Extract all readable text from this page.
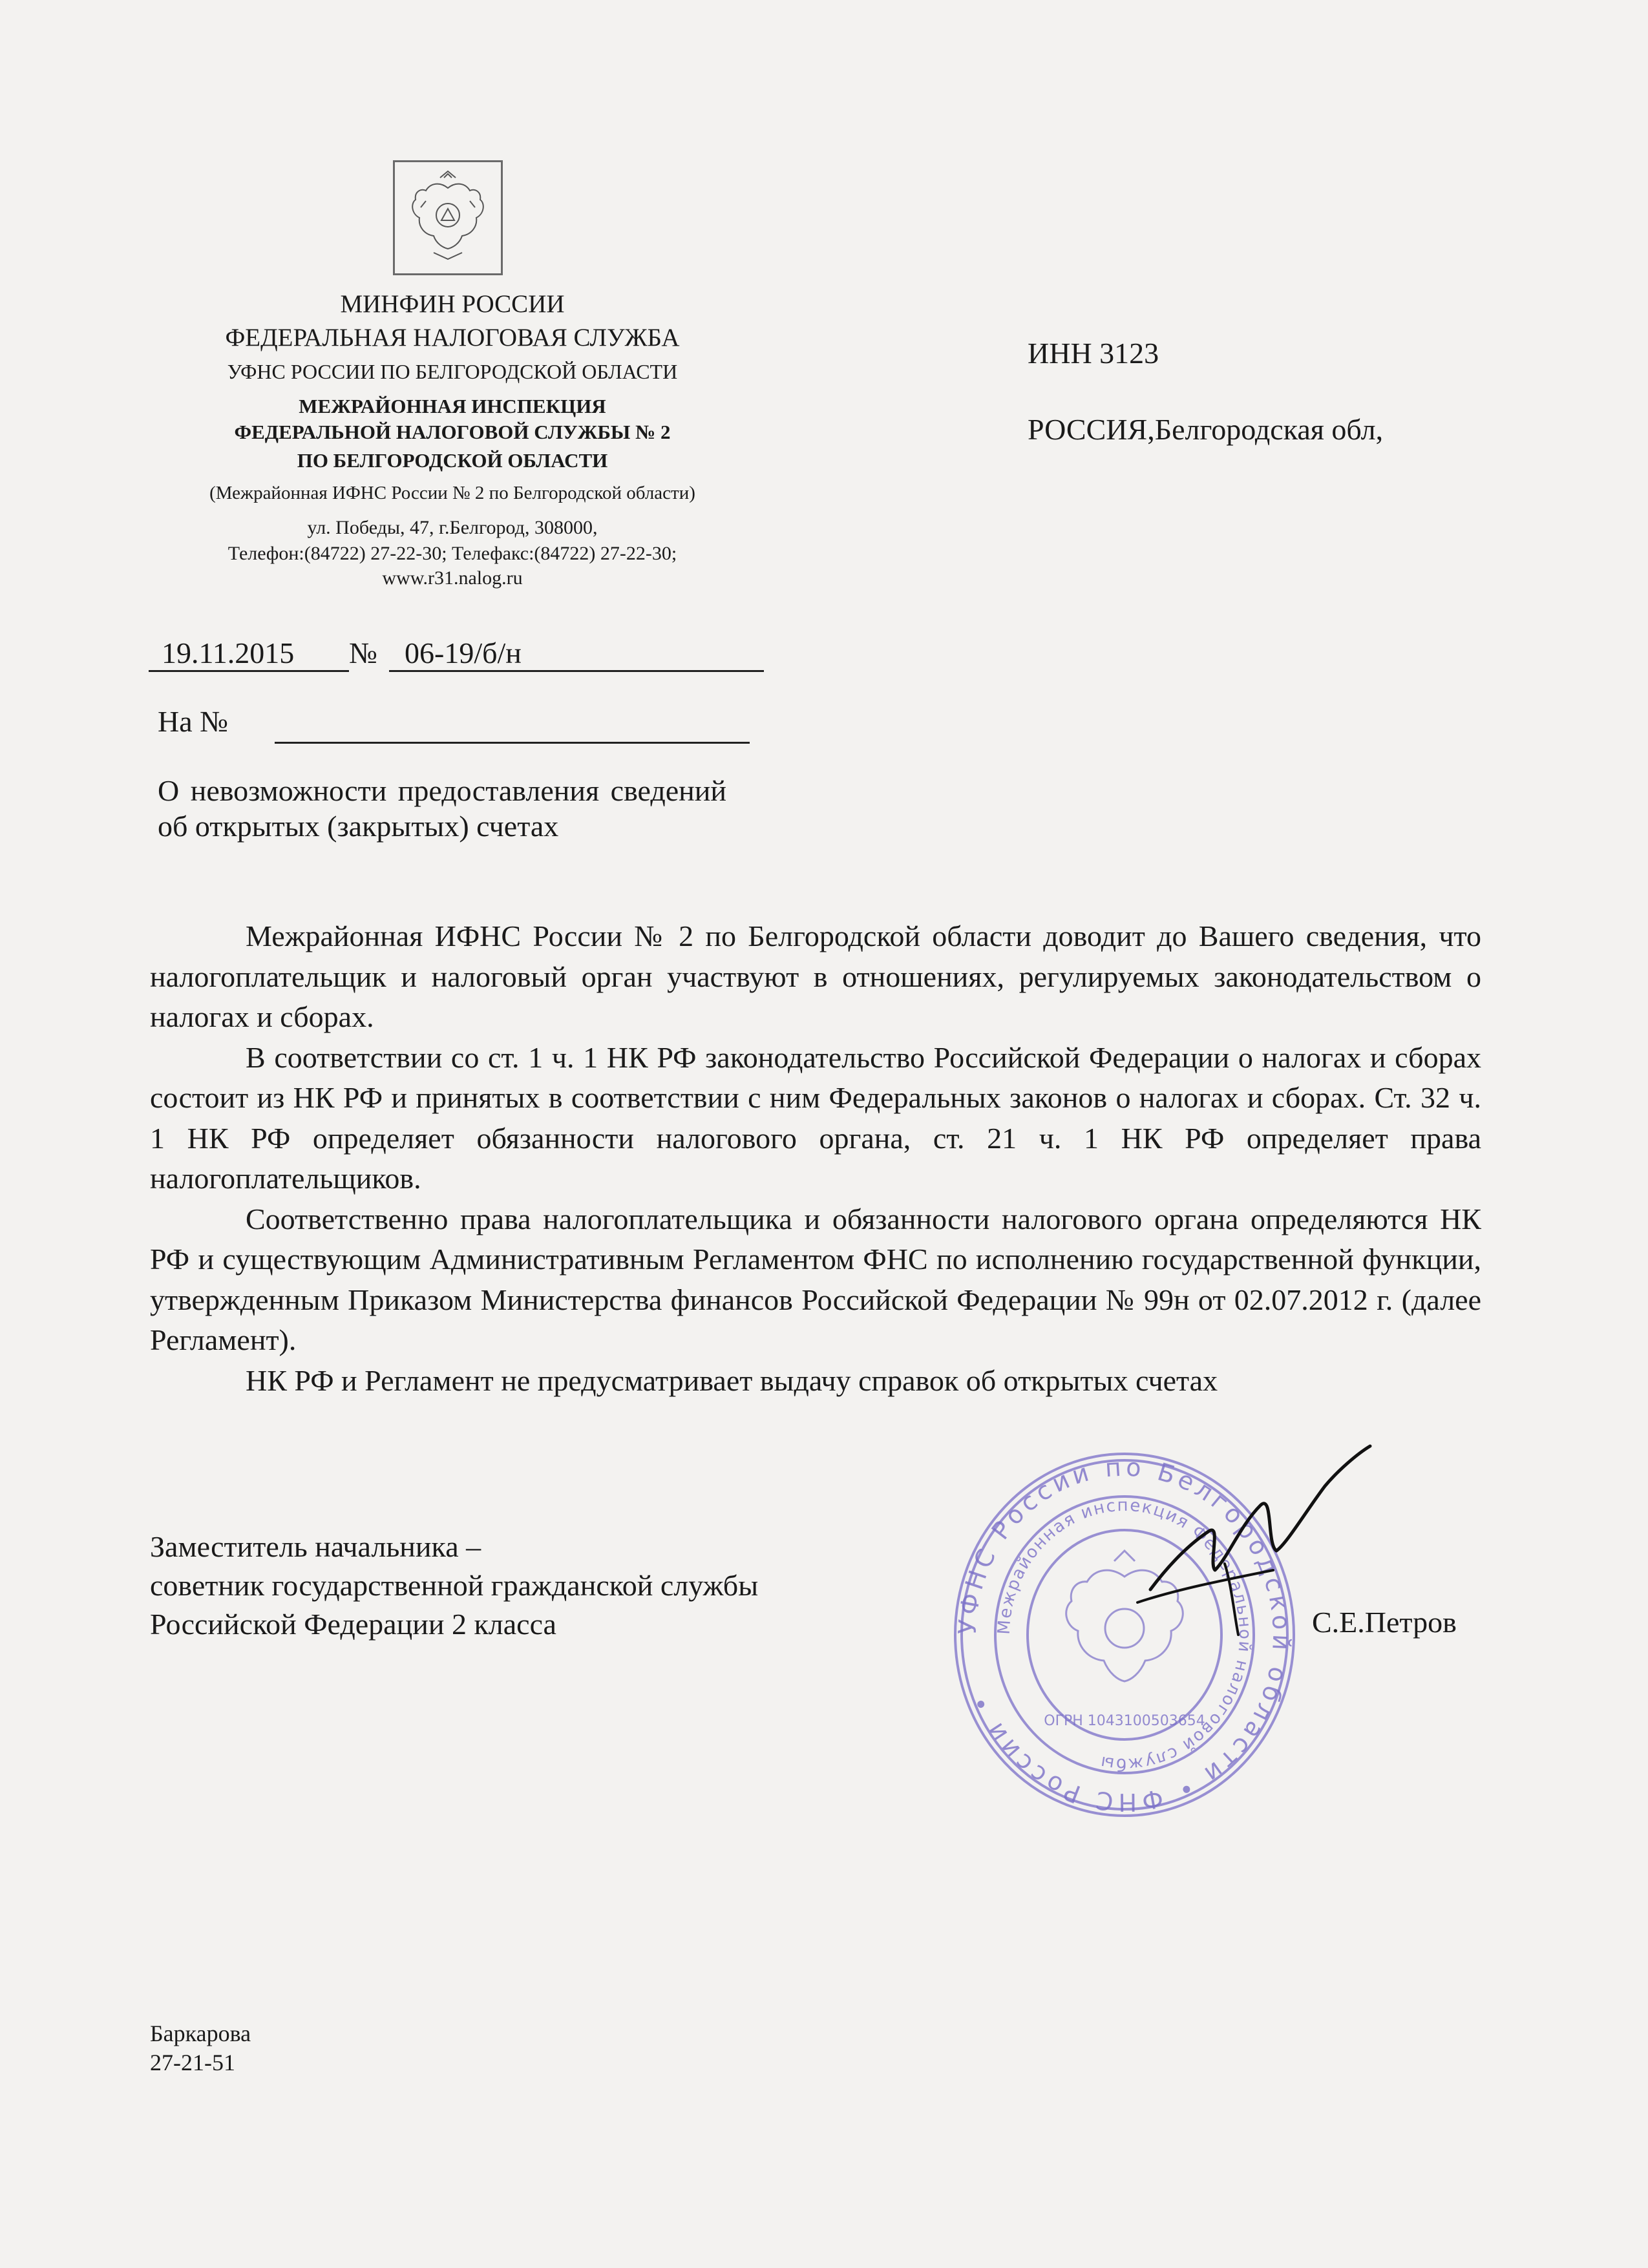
МИНФИН РОССИИ
ФЕДЕРАЛЬНАЯ НАЛОГОВАЯ СЛУЖБА
УФНС РОССИИ ПО БЕЛГОРОДСКОЙ ОБЛАСТИ
МЕЖРАЙОННАЯ ИНСПЕКЦИЯ
ФЕДЕРАЛЬНОЙ НАЛОГОВОЙ СЛУЖБЫ № 2
ПО БЕЛГОРОДСКОЙ ОБЛАСТИ
(Межрайонная ИФНС России № 2 по Белгородской области)
ул. Победы, 47, г.Белгород, 308000,
Телефон:(84722) 27-22-30; Телефакс:(84722) 27-22-30;
www.r31.nalog.ru
ИНН 3123
РОССИЯ,Белгородская обл,
19.11.2015	№ 06-19/б/н
На №
О невозможности предоставления сведений об открытых (закрытых) счетах

Межрайонная ИФНС России № 2 по Белгородской области доводит до Вашего сведения, что налогоплательщик и налоговый орган участвуют в отношениях, регулируемых законодательством о налогах и сборах.

В соответствии со ст. 1 ч. 1 НК РФ законодательство Российской Федерации о налогах и сборах состоит из НК РФ и принятых в соответствии с ним Федеральных законов о налогах и сборах. Ст. 32 ч. 1 НК РФ определяет обязанности налогового органа, ст. 21 ч. 1 НК РФ определяет права налогоплательщиков.

Соответственно права налогоплательщика и обязанности налогового органа определяются НК РФ и существующим Административным Регламентом ФНС по исполнению государственной функции, утвержденным Приказом Министерства финансов Российской Федерации № 99н от 02.07.2012 г. (далее Регламент).

НК РФ и Регламент не предусматривает выдачу справок об открытых счетах

Заместитель начальника –
советник государственной гражданской службы
Российской Федерации 2 класса	УФНС России по Белгородской области • ФНС России •
Межрайонная инспекция Федеральной налоговой службы
ОГРН 1043100503654
С.Е.Петров
Баркарова
27-21-51
